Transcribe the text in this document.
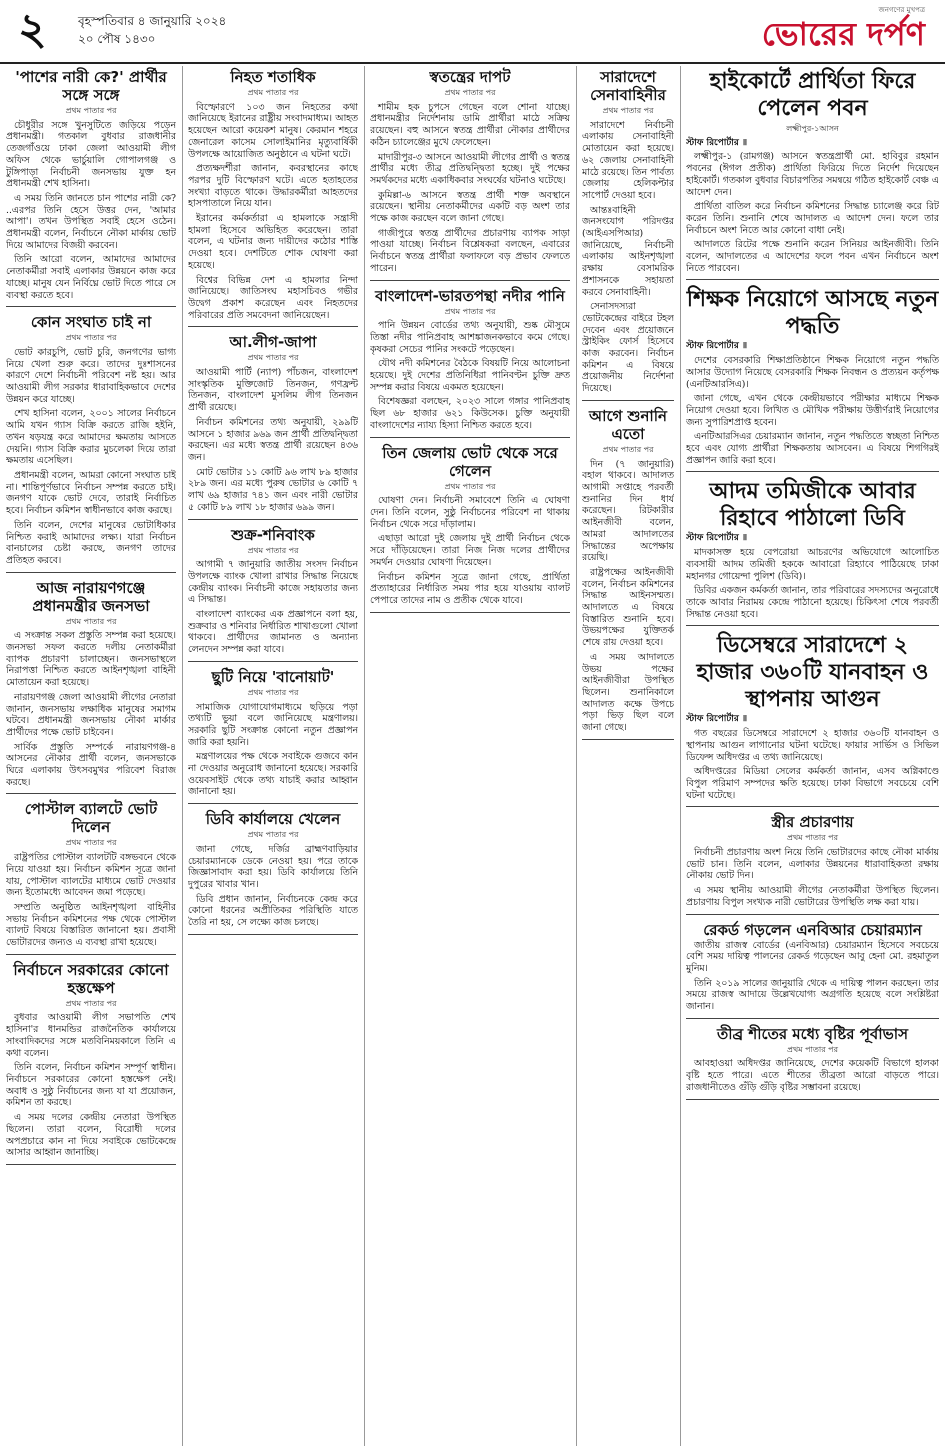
২	বৃহস্পতিবার ৪ জানুয়ারি ২০২৪
২০ পৌষ ১৪৩০
জনগণের মুখপত্র
ভোরের দর্পণ
'পাশের নারী কে?' প্রার্থীর সঙ্গে সঙ্গে
প্রথম পাতার পর

চৌধুরীর সঙ্গে খুনসুটিতে জড়িয়ে পড়েন প্রধানমন্ত্রী। গতকাল বুধবার রাজধানীর তেজগাঁওয়ে ঢাকা জেলা আওয়ামী লীগ অফিস থেকে ভার্চুয়ালি গোপালগঞ্জ ও টুঙ্গিপাড়া নির্বাচনী জনসভায় যুক্ত হন প্রধানমন্ত্রী শেখ হাসিনা।

এ সময় তিনি জানতে চান পাশের নারী কে? ..এরপর তিনি হেসে উত্তর দেন, 'আমার আপা'। তখন উপস্থিত সবাই হেসে ওঠেন। প্রধানমন্ত্রী বলেন, নির্বাচনে নৌকা মার্কায় ভোট দিয়ে আমাদের বিজয়ী করবেন।

তিনি আরো বলেন, আমাদের আমাদের নেতাকর্মীরা সবাই এলাকার উন্নয়নে কাজ করে যাচ্ছে। মানুষ যেন নির্বিঘ্নে ভোট দিতে পারে সে ব্যবস্থা করতে হবে।

কোন সংঘাত চাই না
প্রথম পাতার পর

ভোট কারচুপি, ভোট চুরি, জনগণের ভাগ্য নিয়ে খেলা শুরু করে। তাদের দুঃশাসনের কারণে দেশে নির্বাচনী পরিবেশ নষ্ট হয়। আর আওয়ামী লীগ সরকার ধারাবাহিকভাবে দেশের উন্নয়ন করে যাচ্ছে।

শেখ হাসিনা বলেন, ২০০১ সালের নির্বাচনে আমি যখন গ্যাস বিক্রি করতে রাজি হইনি, তখন ষড়যন্ত্র করে আমাদের ক্ষমতায় আসতে দেয়নি। গ্যাস বিক্রি করার মুচলেকা দিয়ে তারা ক্ষমতায় এসেছিল।

প্রধানমন্ত্রী বলেন, আমরা কোনো সংঘাত চাই না। শান্তিপূর্ণভাবে নির্বাচন সম্পন্ন করতে চাই। জনগণ যাকে ভোট দেবে, তারাই নির্বাচিত হবে। নির্বাচন কমিশন স্বাধীনভাবে কাজ করছে।

তিনি বলেন, দেশের মানুষের ভোটাধিকার নিশ্চিত করাই আমাদের লক্ষ্য। যারা নির্বাচন বানচালের চেষ্টা করছে, জনগণ তাদের প্রতিহত করবে।

আজ নারায়ণগঞ্জে প্রধানমন্ত্রীর জনসভা
প্রথম পাতার পর

এ সংক্রান্ত সকল প্রস্তুতি সম্পন্ন করা হয়েছে। জনসভা সফল করতে দলীয় নেতাকর্মীরা ব্যাপক প্রচারণা চালাচ্ছেন। জনসভাস্থলে নিরাপত্তা নিশ্চিত করতে আইনশৃঙ্খলা বাহিনী মোতায়েন করা হয়েছে।

নারায়ণগঞ্জ জেলা আওয়ামী লীগের নেতারা জানান, জনসভায় লক্ষাধিক মানুষের সমাগম ঘটবে। প্রধানমন্ত্রী জনসভায় নৌকা মার্কার প্রার্থীদের পক্ষে ভোট চাইবেন।

সার্বিক প্রস্তুতি সম্পর্কে নারায়ণগঞ্জ-৪ আসনের নৌকার প্রার্থী বলেন, জনসভাকে ঘিরে এলাকায় উৎসবমুখর পরিবেশ বিরাজ করছে।

পোস্টাল ব্যালটে ভোট দিলেন
প্রথম পাতার পর

রাষ্ট্রপতির পোস্টাল ব্যালটটি বঙ্গভবনে থেকে নিয়ে যাওয়া হয়। নির্বাচন কমিশন সূত্রে জানা যায়, পোস্টাল ব্যালটের মাধ্যমে ভোট দেওয়ার জন্য ইতোমধ্যে আবেদন জমা পড়েছে।

সম্প্রতি অনুষ্ঠিত আইনশৃঙ্খলা বাহিনীর সভায় নির্বাচন কমিশনের পক্ষ থেকে পোস্টাল ব্যালট বিষয়ে বিস্তারিত জানানো হয়। প্রবাসী ভোটারদের জন্যও এ ব্যবস্থা রাখা হয়েছে।

নির্বাচনে সরকারের কোনো হস্তক্ষেপ
প্রথম পাতার পর

বুধবার আওয়ামী লীগ সভাপতি শেখ হাসিনা'র ধানমন্ডির রাজনৈতিক কার্যালয়ে সাংবাদিকদের সঙ্গে মতবিনিময়কালে তিনি এ কথা বলেন।

তিনি বলেন, নির্বাচন কমিশন সম্পূর্ণ স্বাধীন। নির্বাচনে সরকারের কোনো হস্তক্ষেপ নেই। অবাধ ও সুষ্ঠু নির্বাচনের জন্য যা যা প্রয়োজন, কমিশন তা করছে।

এ সময় দলের কেন্দ্রীয় নেতারা উপস্থিত ছিলেন। তারা বলেন, বিরোধী দলের অপপ্রচারে কান না দিয়ে সবাইকে ভোটকেন্দ্রে আসার আহ্বান জানাচ্ছি।

নিহত শতাধিক
প্রথম পাতার পর

বিস্ফোরণে ১০৩ জন নিহতের কথা জানিয়েছে ইরানের রাষ্ট্রীয় সংবাদমাধ্যম। আহত হয়েছেন আরো কয়েকশ মানুষ। কেরমান শহরে জেনারেল কাসেম সোলাইমানির মৃত্যুবার্ষিকী উপলক্ষে আয়োজিত অনুষ্ঠানে এ ঘটনা ঘটে।

প্রত্যক্ষদর্শীরা জানান, কবরস্থানের কাছে পরপর দুটি বিস্ফোরণ ঘটে। এতে হতাহতের সংখ্যা বাড়তে থাকে। উদ্ধারকর্মীরা আহতদের হাসপাতালে নিয়ে যান।

ইরানের কর্মকর্তারা এ হামলাকে সন্ত্রাসী হামলা হিসেবে অভিহিত করেছেন। তারা বলেন, এ ঘটনার জন্য দায়ীদের কঠোর শাস্তি দেওয়া হবে। দেশটিতে শোক ঘোষণা করা হয়েছে।

বিশ্বের বিভিন্ন দেশ এ হামলার নিন্দা জানিয়েছে। জাতিসংঘ মহাসচিবও গভীর উদ্বেগ প্রকাশ করেছেন এবং নিহতদের পরিবারের প্রতি সমবেদনা জানিয়েছেন।

আ.লীগ-জাপা
প্রথম পাতার পর

আওয়ামী পার্টি (ন্যাপ) পাঁচজন, বাংলাদেশ সাংস্কৃতিক মুক্তিজোট তিনজন, গণফ্রন্ট তিনজন, বাংলাদেশ মুসলিম লীগ তিনজন প্রার্থী রয়েছে।

নির্বাচন কমিশনের তথ্য অনুযায়ী, ২৯৯টি আসনে ১ হাজার ৯৬৯ জন প্রার্থী প্রতিদ্বন্দ্বিতা করছেন। এর মধ্যে স্বতন্ত্র প্রার্থী রয়েছেন ৪৩৬ জন।

মোট ভোটার ১১ কোটি ৯৬ লাখ ৮৯ হাজার ২৮৯ জন। এর মধ্যে পুরুষ ভোটার ৬ কোটি ৭ লাখ ৬৯ হাজার ৭৪১ জন এবং নারী ভোটার ৫ কোটি ৮৯ লাখ ১৮ হাজার ৬৯৯ জন।

শুক্র-শনিবাংক
প্রথম পাতার পর

আগামী ৭ জানুয়ারি জাতীয় সংসদ নির্বাচন উপলক্ষে ব্যাংক খোলা রাখার সিদ্ধান্ত নিয়েছে কেন্দ্রীয় ব্যাংক। নির্বাচনী কাজে সহায়তার জন্য এ সিদ্ধান্ত।

বাংলাদেশ ব্যাংকের এক প্রজ্ঞাপনে বলা হয়, শুক্রবার ও শনিবার নির্ধারিত শাখাগুলো খোলা থাকবে। প্রার্থীদের জামানত ও অন্যান্য লেনদেন সম্পন্ন করা যাবে।

ছুটি নিয়ে 'বানোয়াট'
প্রথম পাতার পর

সামাজিক যোগাযোগমাধ্যমে ছড়িয়ে পড়া তথ্যটি ভুয়া বলে জানিয়েছে মন্ত্রণালয়। সরকারি ছুটি সংক্রান্ত কোনো নতুন প্রজ্ঞাপন জারি করা হয়নি।

মন্ত্রণালয়ের পক্ষ থেকে সবাইকে গুজবে কান না দেওয়ার অনুরোধ জানানো হয়েছে। সরকারি ওয়েবসাইট থেকে তথ্য যাচাই করার আহ্বান জানানো হয়।

ডিবি কার্যালয়ে খেলেন
প্রথম পাতার পর

জানা গেছে, দর্জির ব্রাহ্মণবাড়িয়ার চেয়ারম্যানকে ডেকে নেওয়া হয়। পরে তাকে জিজ্ঞাসাবাদ করা হয়। ডিবি কার্যালয়ে তিনি দুপুরের খাবার খান।

ডিবি প্রধান জানান, নির্বাচনকে কেন্দ্র করে কোনো ধরনের অপ্রীতিকর পরিস্থিতি যাতে তৈরি না হয়, সে লক্ষ্যে কাজ চলছে।

স্বতন্ত্রের দাপট
প্রথম পাতার পর

শামীম হক চুপসে গেছেন বলে শোনা যাচ্ছে। প্রধানমন্ত্রীর নির্দেশনায় ডামি প্রার্থীরা মাঠে সক্রিয় রয়েছেন। বহু আসনে স্বতন্ত্র প্রার্থীরা নৌকার প্রার্থীদের কঠিন চ্যালেঞ্জের মুখে ফেলেছেন।

মাদারীপুর-৩ আসনে আওয়ামী লীগের প্রার্থী ও স্বতন্ত্র প্রার্থীর মধ্যে তীব্র প্রতিদ্বন্দ্বিতা হচ্ছে। দুই পক্ষের সমর্থকদের মধ্যে একাধিকবার সংঘর্ষের ঘটনাও ঘটেছে।

কুমিল্লা-৬ আসনে স্বতন্ত্র প্রার্থী শক্ত অবস্থানে রয়েছেন। স্থানীয় নেতাকর্মীদের একটি বড় অংশ তার পক্ষে কাজ করছেন বলে জানা গেছে।

গাজীপুরে স্বতন্ত্র প্রার্থীদের প্রচারণায় ব্যাপক সাড়া পাওয়া যাচ্ছে। নির্বাচন বিশ্লেষকরা বলছেন, এবারের নির্বাচনে স্বতন্ত্র প্রার্থীরা ফলাফলে বড় প্রভাব ফেলতে পারেন।

বাংলাদেশ-ভারতপন্থা নদীর পানি
প্রথম পাতার পর

পানি উন্নয়ন বোর্ডের তথ্য অনুযায়ী, শুষ্ক মৌসুমে তিস্তা নদীর পানিপ্রবাহ আশঙ্কাজনকভাবে কমে গেছে। কৃষকরা সেচের পানির সংকটে পড়েছেন।

যৌথ নদী কমিশনের বৈঠকে বিষয়টি নিয়ে আলোচনা হয়েছে। দুই দেশের প্রতিনিধিরা পানিবণ্টন চুক্তি দ্রুত সম্পন্ন করার বিষয়ে একমত হয়েছেন।

বিশেষজ্ঞরা বলছেন, ২০২৩ সালে গঙ্গার পানিপ্রবাহ ছিল ৬৮ হাজার ৬২১ কিউসেক। চুক্তি অনুযায়ী বাংলাদেশের ন্যায্য হিস্যা নিশ্চিত করতে হবে।

তিন জেলায় ভোট থেকে সরে গেলেন
প্রথম পাতার পর

ঘোষণা দেন। নির্বাচনী সমাবেশে তিনি এ ঘোষণা দেন। তিনি বলেন, সুষ্ঠু নির্বাচনের পরিবেশ না থাকায় নির্বাচন থেকে সরে দাঁড়ালাম।

এছাড়া আরো দুই জেলায় দুই প্রার্থী নির্বাচন থেকে সরে দাঁড়িয়েছেন। তারা নিজ নিজ দলের প্রার্থীদের সমর্থন দেওয়ার ঘোষণা দিয়েছেন।

নির্বাচন কমিশন সূত্রে জানা গেছে, প্রার্থিতা প্রত্যাহারের নির্ধারিত সময় পার হয়ে যাওয়ায় ব্যালট পেপারে তাদের নাম ও প্রতীক থেকে যাবে।

সারাদেশে সেনাবাহিনীর
প্রথম পাতার পর

সারাদেশে নির্বাচনী এলাকায় সেনাবাহিনী মোতায়েন করা হয়েছে। ৬২ জেলায় সেনাবাহিনী মাঠে রয়েছে। তিন পার্বত্য জেলায় হেলিকপ্টার সাপোর্ট দেওয়া হবে।

আন্তঃবাহিনী জনসংযোগ পরিদপ্তর (আইএসপিআর) জানিয়েছে, নির্বাচনী এলাকায় আইনশৃঙ্খলা রক্ষায় বেসামরিক প্রশাসনকে সহায়তা করবে সেনাবাহিনী।

সেনাসদস্যরা ভোটকেন্দ্রের বাইরে টহল দেবেন এবং প্রয়োজনে স্ট্রাইকিং ফোর্স হিসেবে কাজ করবেন। নির্বাচন কমিশন এ বিষয়ে প্রয়োজনীয় নির্দেশনা দিয়েছে।

আগে শুনানি এতো
প্রথম পাতার পর

দিন (৭ জানুয়ারি) বহাল থাকবে। আদালত আগামী সপ্তাহে পরবর্তী শুনানির দিন ধার্য করেছেন। রিটকারীর আইনজীবী বলেন, আমরা আদালতের সিদ্ধান্তের অপেক্ষায় রয়েছি।

রাষ্ট্রপক্ষের আইনজীবী বলেন, নির্বাচন কমিশনের সিদ্ধান্ত আইনসম্মত। আদালতে এ বিষয়ে বিস্তারিত শুনানি হবে। উভয়পক্ষের যুক্তিতর্ক শেষে রায় দেওয়া হবে।

এ সময় আদালতে উভয় পক্ষের আইনজীবীরা উপস্থিত ছিলেন। শুনানিকালে আদালত কক্ষে উপচে পড়া ভিড় ছিল বলে জানা গেছে।

হাইকোর্টে প্রার্থিতা ফিরে পেলেন পবন
লক্ষ্মীপুর-১আসন
স্টাফ রিপোর্টার ॥

লক্ষ্মীপুর-১ (রামগঞ্জ) আসনে স্বতন্ত্রপ্রার্থী মো. হাবিবুর রহমান পবনের (ঈগল প্রতীক) প্রার্থিতা ফিরিয়ে দিতে নির্দেশ দিয়েছেন হাইকোর্ট। গতকাল বুধবার বিচারপতির সমন্বয়ে গঠিত হাইকোর্ট বেঞ্চ এ আদেশ দেন।

প্রার্থিতা বাতিল করে নির্বাচন কমিশনের সিদ্ধান্ত চ্যালেঞ্জ করে রিট করেন তিনি। শুনানি শেষে আদালত এ আদেশ দেন। ফলে তার নির্বাচনে অংশ নিতে আর কোনো বাধা নেই।

আদালতে রিটের পক্ষে শুনানি করেন সিনিয়র আইনজীবী। তিনি বলেন, আদালতের এ আদেশের ফলে পবন এখন নির্বাচনে অংশ নিতে পারবেন।

শিক্ষক নিয়োগে আসছে নতুন পদ্ধতি
স্টাফ রিপোর্টার ॥

দেশের বেসরকারি শিক্ষাপ্রতিষ্ঠানে শিক্ষক নিয়োগে নতুন পদ্ধতি আসার উদ্যোগ নিয়েছে বেসরকারি শিক্ষক নিবন্ধন ও প্রত্যয়ন কর্তৃপক্ষ (এনটিআরসিএ)।

জানা গেছে, এখন থেকে কেন্দ্রীয়ভাবে পরীক্ষার মাধ্যমে শিক্ষক নিয়োগ দেওয়া হবে। লিখিত ও মৌখিক পরীক্ষায় উত্তীর্ণরাই নিয়োগের জন্য সুপারিশপ্রাপ্ত হবেন।

এনটিআরসিএর চেয়ারম্যান জানান, নতুন পদ্ধতিতে স্বচ্ছতা নিশ্চিত হবে এবং যোগ্য প্রার্থীরা শিক্ষকতায় আসবেন। এ বিষয়ে শিগগিরই প্রজ্ঞাপন জারি করা হবে।

আদম তমিজীকে আবার রিহাবে পাঠালো ডিবি
স্টাফ রিপোর্টার ॥

মাদকাসক্ত হয়ে বেপরোয়া আচরণের অভিযোগে আলোচিত ব্যবসায়ী আদম তমিজী হককে আবারো রিহ্যাবে পাঠিয়েছে ঢাকা মহানগর গোয়েন্দা পুলিশ (ডিবি)।

ডিবির একজন কর্মকর্তা জানান, তার পরিবারের সদস্যদের অনুরোধে তাকে আবার নিরাময় কেন্দ্রে পাঠানো হয়েছে। চিকিৎসা শেষে পরবর্তী সিদ্ধান্ত নেওয়া হবে।

ডিসেম্বরে সারাদেশে ২ হাজার ৩৬০টি যানবাহন ও স্থাপনায় আগুন
স্টাফ রিপোর্টার ॥

গত বছরের ডিসেম্বরে সারাদেশে ২ হাজার ৩৬০টি যানবাহন ও স্থাপনায় আগুন লাগানোর ঘটনা ঘটেছে। ফায়ার সার্ভিস ও সিভিল ডিফেন্স অধিদপ্তর এ তথ্য জানিয়েছে।

অধিদপ্তরের মিডিয়া সেলের কর্মকর্তা জানান, এসব অগ্নিকাণ্ডে বিপুল পরিমাণ সম্পদের ক্ষতি হয়েছে। ঢাকা বিভাগে সবচেয়ে বেশি ঘটনা ঘটেছে।

স্ত্রীর প্রচারণায়
প্রথম পাতার পর

নির্বাচনী প্রচারণায় অংশ নিয়ে তিনি ভোটারদের কাছে নৌকা মার্কায় ভোট চান। তিনি বলেন, এলাকার উন্নয়নের ধারাবাহিকতা রক্ষায় নৌকায় ভোট দিন।

এ সময় স্থানীয় আওয়ামী লীগের নেতাকর্মীরা উপস্থিত ছিলেন। প্রচারণায় বিপুল সংখ্যক নারী ভোটারের উপস্থিতি লক্ষ করা যায়।

রেকর্ড গড়লেন এনবিআর চেয়ারম্যান

জাতীয় রাজস্ব বোর্ডের (এনবিআর) চেয়ারম্যান হিসেবে সবচেয়ে বেশি সময় দায়িত্ব পালনের রেকর্ড গড়েছেন আবু হেনা মো. রহমাতুল মুনিম।

তিনি ২০১৯ সালের জানুয়ারি থেকে এ দায়িত্ব পালন করছেন। তার সময়ে রাজস্ব আদায়ে উল্লেখযোগ্য অগ্রগতি হয়েছে বলে সংশ্লিষ্টরা জানান।

তীব্র শীতের মধ্যে বৃষ্টির পূর্বাভাস
প্রথম পাতার পর

আবহাওয়া অধিদপ্তর জানিয়েছে, দেশের কয়েকটি বিভাগে হালকা বৃষ্টি হতে পারে। এতে শীতের তীব্রতা আরো বাড়তে পারে। রাজধানীতেও গুঁড়ি গুঁড়ি বৃষ্টির সম্ভাবনা রয়েছে।
